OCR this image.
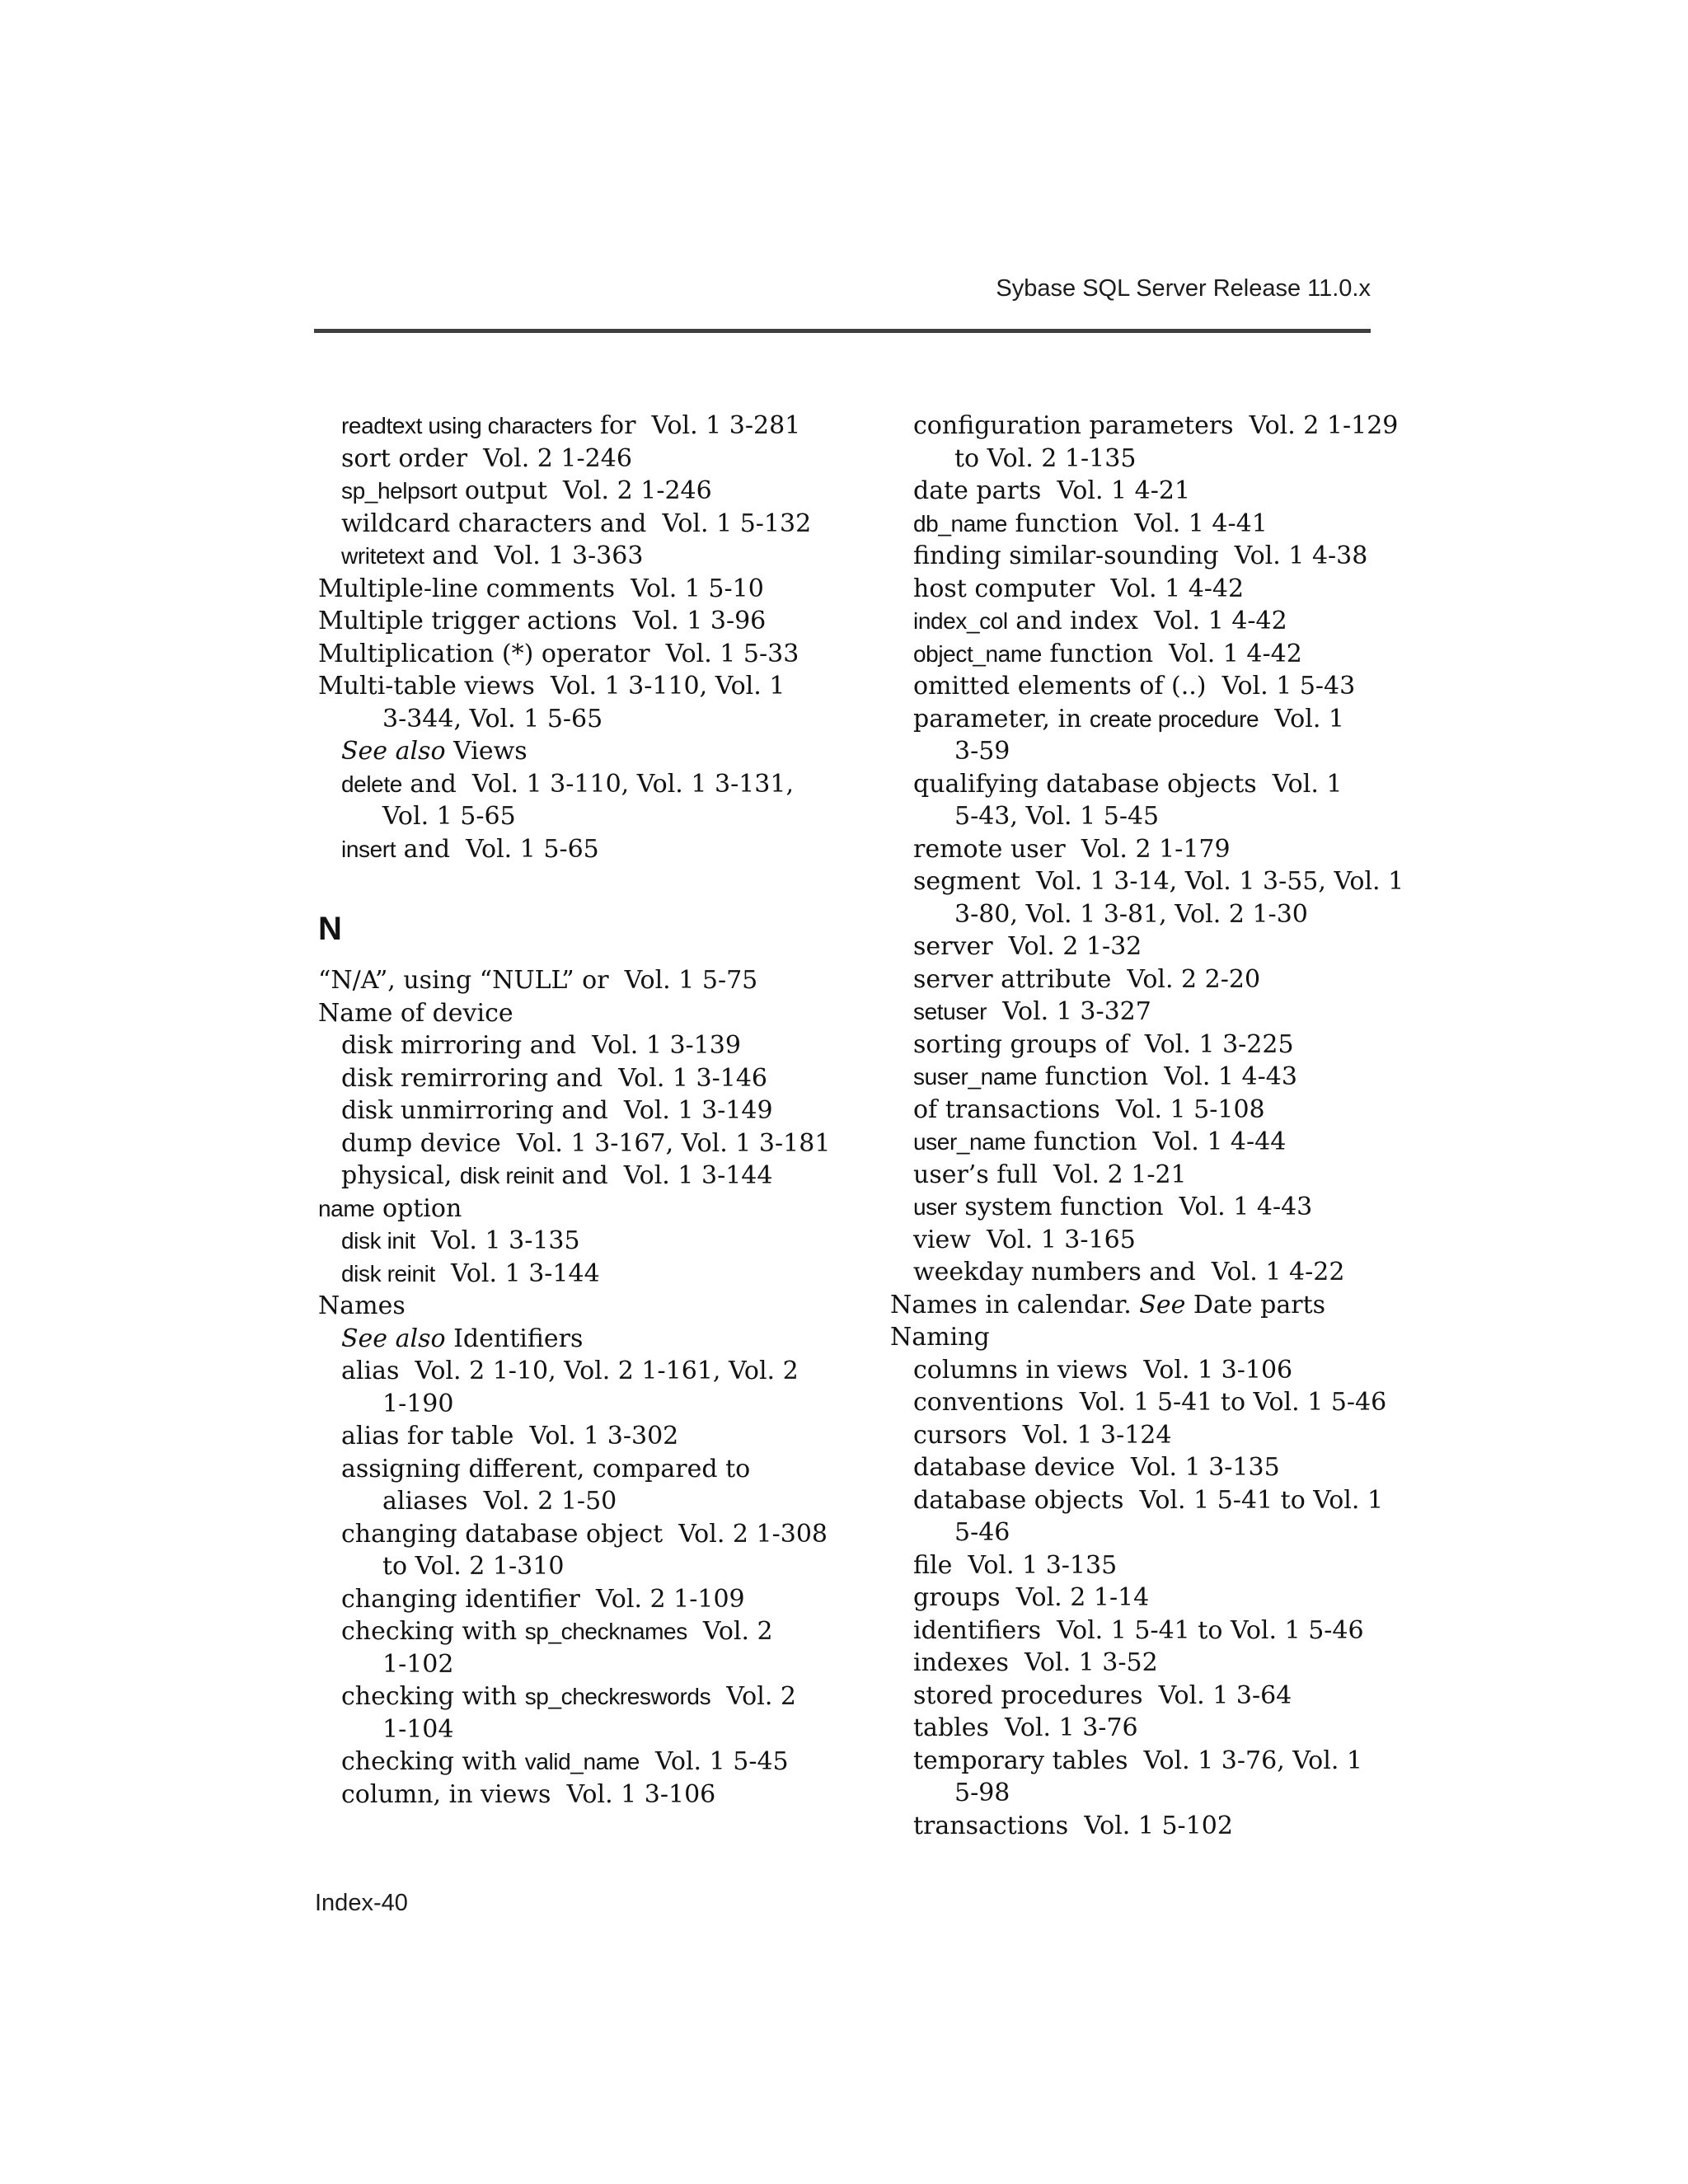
Sybase SQL Server Release 11.0.x
readtext using characters for  Vol. 1 3-281
sort order  Vol. 2 1-246
sp_helpsort output  Vol. 2 1-246
wildcard characters and  Vol. 1 5-132
writetext and  Vol. 1 3-363
Multiple-line comments  Vol. 1 5-10
Multiple trigger actions  Vol. 1 3-96
Multiplication (*) operator  Vol. 1 5-33
Multi-table views  Vol. 1 3-110, Vol. 1
3-344, Vol. 1 5-65
See also Views
delete and  Vol. 1 3-110, Vol. 1 3-131,
Vol. 1 5-65
insert and  Vol. 1 5-65
N
“N/A”, using “NULL” or  Vol. 1 5-75
Name of device
disk mirroring and  Vol. 1 3-139
disk remirroring and  Vol. 1 3-146
disk unmirroring and  Vol. 1 3-149
dump device  Vol. 1 3-167, Vol. 1 3-181
physical, disk reinit and  Vol. 1 3-144
name option
disk init  Vol. 1 3-135
disk reinit  Vol. 1 3-144
Names
See also Identifiers
alias  Vol. 2 1-10, Vol. 2 1-161, Vol. 2
1-190
alias for table  Vol. 1 3-302
assigning different, compared to
aliases  Vol. 2 1-50
changing database object  Vol. 2 1-308
to Vol. 2 1-310
changing identifier  Vol. 2 1-109
checking with sp_checknames  Vol. 2
1-102
checking with sp_checkreswords  Vol. 2
1-104
checking with valid_name  Vol. 1 5-45
column, in views  Vol. 1 3-106
configuration parameters  Vol. 2 1-129
to Vol. 2 1-135
date parts  Vol. 1 4-21
db_name function  Vol. 1 4-41
finding similar-sounding  Vol. 1 4-38
host computer  Vol. 1 4-42
index_col and index  Vol. 1 4-42
object_name function  Vol. 1 4-42
omitted elements of (..)  Vol. 1 5-43
parameter, in create procedure  Vol. 1
3-59
qualifying database objects  Vol. 1
5-43, Vol. 1 5-45
remote user  Vol. 2 1-179
segment  Vol. 1 3-14, Vol. 1 3-55, Vol. 1
3-80, Vol. 1 3-81, Vol. 2 1-30
server  Vol. 2 1-32
server attribute  Vol. 2 2-20
setuser  Vol. 1 3-327
sorting groups of  Vol. 1 3-225
suser_name function  Vol. 1 4-43
of transactions  Vol. 1 5-108
user_name function  Vol. 1 4-44
user’s full  Vol. 2 1-21
user system function  Vol. 1 4-43
view  Vol. 1 3-165
weekday numbers and  Vol. 1 4-22
Names in calendar. See Date parts
Naming
columns in views  Vol. 1 3-106
conventions  Vol. 1 5-41 to Vol. 1 5-46
cursors  Vol. 1 3-124
database device  Vol. 1 3-135
database objects  Vol. 1 5-41 to Vol. 1
5-46
file  Vol. 1 3-135
groups  Vol. 2 1-14
identifiers  Vol. 1 5-41 to Vol. 1 5-46
indexes  Vol. 1 3-52
stored procedures  Vol. 1 3-64
tables  Vol. 1 3-76
temporary tables  Vol. 1 3-76, Vol. 1
5-98
transactions  Vol. 1 5-102
Index-40
